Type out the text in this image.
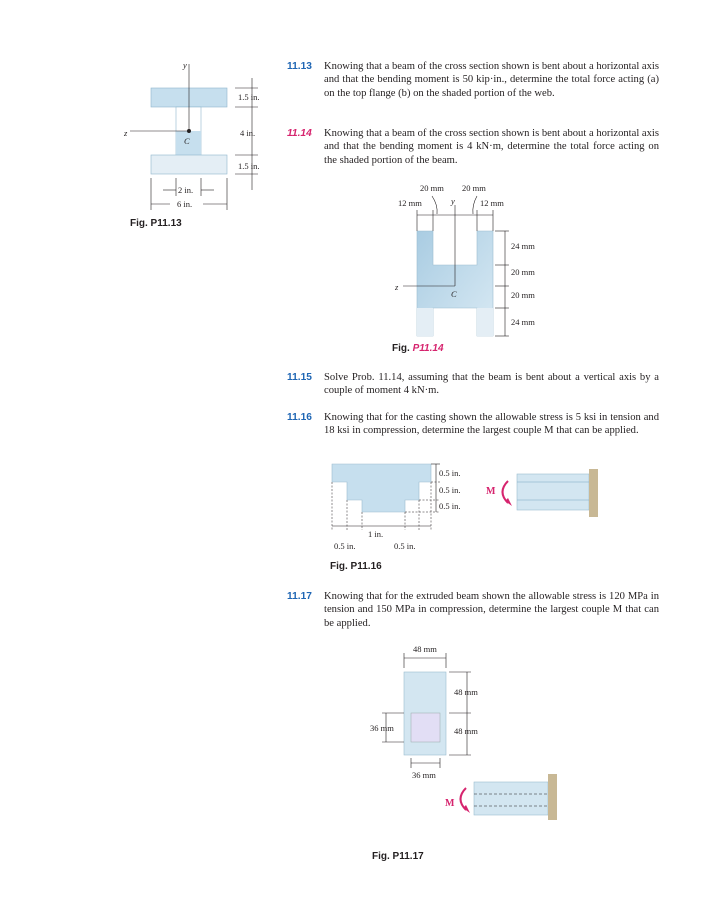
11.13 Knowing that a beam of the cross section shown is bent about a horizontal axis and that the bending moment is 50 kip·in., determine the total force acting (a) on the top flange (b) on the shaded portion of the web.
11.14 Knowing that a beam of the cross section shown is bent about a horizontal axis and that the bending moment is 4 kN·m, determine the total force acting on the shaded portion of the beam.
11.15 Solve Prob. 11.14, assuming that the beam is bent about a vertical axis by a couple of moment 4 kN·m.
11.16 Knowing that for the casting shown the allowable stress is 5 ksi in tension and 18 ksi in compression, determine the largest couple M that can be applied.
11.17 Knowing that for the extruded beam shown the allowable stress is 120 MPa in tension and 150 MPa in compression, determine the largest couple M that can be applied.
Fig. P11.13
Fig. P11.14
Fig. P11.16
Fig. P11.17
y
z
C
1.5 in.
4 in.
1.5 in.
2 in.
6 in.
20 mm 20 mm
12 mm	12 mm
y
z
C
24 mm
20 mm
20 mm
24 mm
0.5 in.
0.5 in.
0.5 in.
1 in.
0.5 in.	0.5 in.
M
48 mm
48 mm
48 mm
36 mm
36 mm
M
